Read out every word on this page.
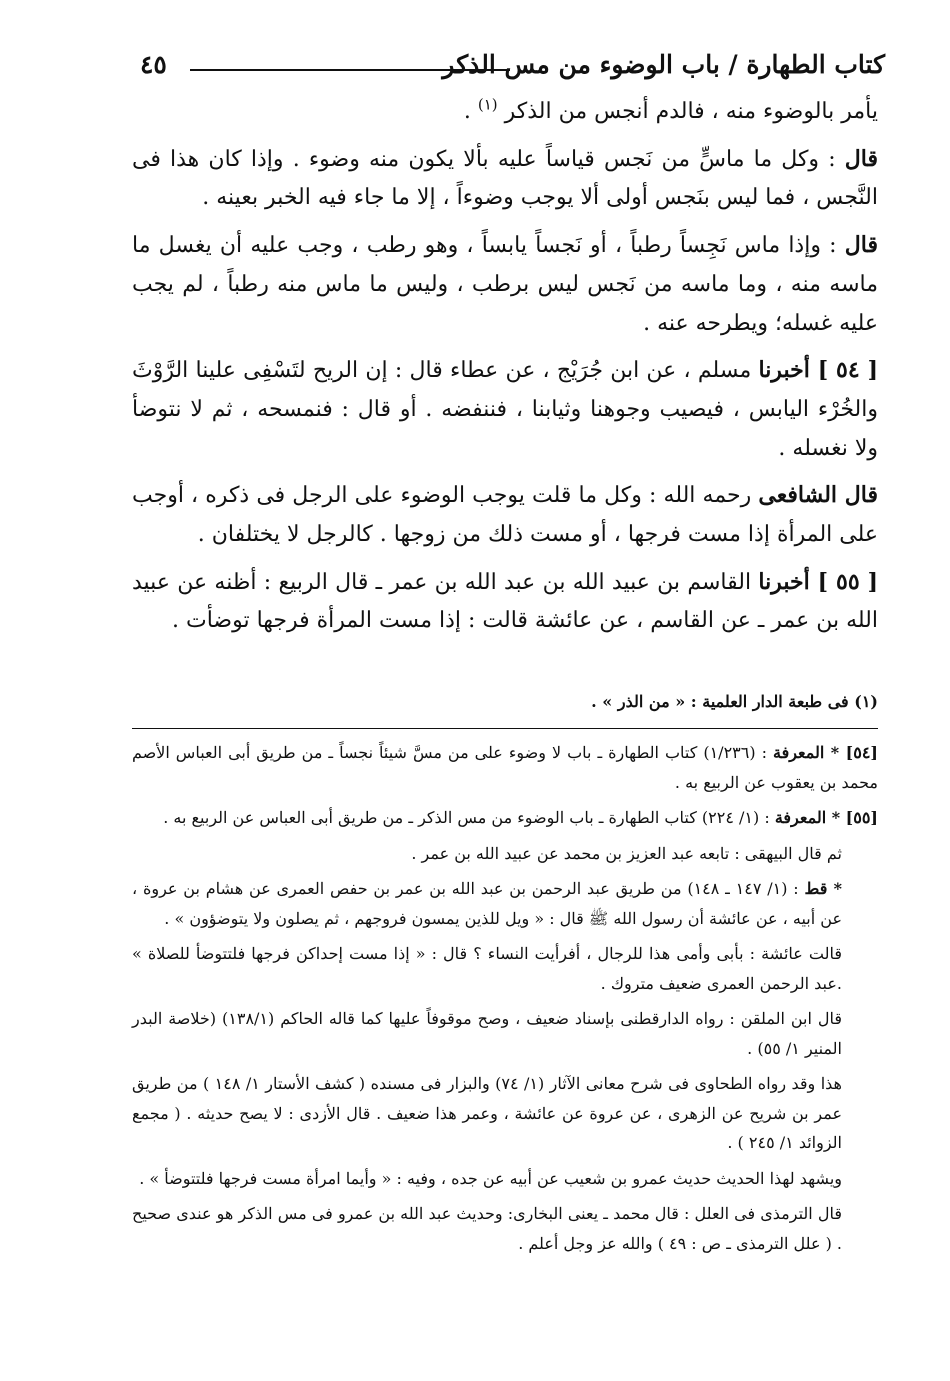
كتاب الطهارة / باب الوضوء من مس الذكر
٤٥

يأمر بالوضوء منه ، فالدم أنجس من الذكر $^{(١)}$ .

قال : وكل ما ماسٍّ من نَجس قياساً عليه بألا يكون منه وضوء . وإذا كان هذا فى النَّجس ، فما ليس بنَجس أولى ألا يوجب وضوءاً ، إلا ما جاء فيه الخبر بعينه .

قال : وإذا ماس نَجِساً رطباً ، أو نَجساً يابساً ، وهو رطب ، وجب عليه أن يغسل ما ماسه منه ، وما ماسه من نَجس ليس برطب ، وليس ما ماس منه رطباً ، لم يجب عليه غسله؛ ويطرحه عنه .

[ ٥٤ ] أخبرنا مسلم ، عن ابن جُرَيْج ، عن عطاء قال : إن الريح لتَسْفِى علينا الرَّوْثَ والخُرْء اليابس ، فيصيب وجوهنا وثيابنا ، فننفضه . أو قال : فنمسحه ، ثم لا نتوضأ ولا نغسله .

قال الشافعى رحمه الله : وكل ما قلت يوجب الوضوء على الرجل فى ذكره ، أوجب على المرأة إذا مست فرجها ، أو مست ذلك من زوجها . كالرجل لا يختلفان .

[ ٥٥ ] أخبرنا القاسم بن عبيد الله بن عبد الله بن عمر ـ قال الربيع : أظنه عن عبيد الله بن عمر ـ عن القاسم ، عن عائشة قالت : إذا مست المرأة فرجها توضأت .

(١) فى طبعة الدار العلمية : « من الذر » .

[٥٤] * المعرفة : (١/٢٣٦) كتاب الطهارة ـ باب لا وضوء على من مسَّ شيئاً نجساً ـ من طريق أبى العباس الأصم محمد بن يعقوب عن الربيع به .

[٥٥] * المعرفة : (١/ ٢٢٤) كتاب الطهارة ـ باب الوضوء من مس الذكر ـ من طريق أبى العباس عن الربيع به .

ثم قال البيهقى : تابعه عبد العزيز بن محمد عن عبيد الله بن عمر .

* قط : (١/ ١٤٧ ـ ١٤٨) من طريق عبد الرحمن بن عبد الله بن عمر بن حفص العمرى عن هشام بن عروة ، عن أبيه ، عن عائشة أن رسول الله ﷺ قال : « ويل للذين يمسون فروجهم ، ثم يصلون ولا يتوضؤون » .

قالت عائشة : بأبى وأمى هذا للرجال ، أفرأيت النساء ؟ قال : « إذا مست إحداكن فرجها فلتتوضأ للصلاة » .عبد الرحمن العمرى ضعيف متروك .

قال ابن الملقن : رواه الدارقطنى بإسناد ضعيف ، وصح موقوفاً عليها كما قاله الحاكم (١٣٨/١) (خلاصة البدر المنير ١/ ٥٥) .

هذا وقد رواه الطحاوى فى شرح معانى الآثار (١/ ٧٤) والبزار فى مسنده ( كشف الأستار ١/ ١٤٨ ) من طريق عمر بن شريح عن الزهرى ، عن عروة عن عائشة ، وعمر هذا ضعيف . قال الأزدى : لا يصح حديثه . ( مجمع الزوائد ١/ ٢٤٥ ) .

ويشهد لهذا الحديث حديث عمرو بن شعيب عن أبيه عن جده ، وفيه : « وأيما امرأة مست فرجها فلتتوضأ » .

قال الترمذى فى العلل : قال محمد ـ يعنى البخارى: وحديث عبد الله بن عمرو فى مس الذكر هو عندى صحيح . ( علل الترمذى ـ ص : ٤٩ ) والله عز وجل أعلم .
